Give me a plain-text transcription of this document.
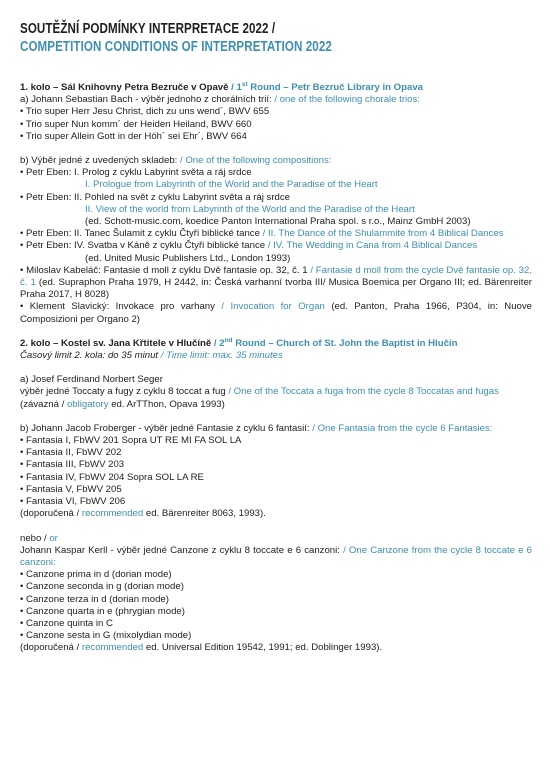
SOUTĚŽNÍ PODMÍNKY INTERPRETACE 2022 /
COMPETITION CONDITIONS OF INTERPRETATION 2022
1. kolo – Sál Knihovny Petra Bezruče v Opavě / 1st Round – Petr Bezruč Library in Opava
a) Johann Sebastian Bach - výběr jednoho z chorálních trií: / one of the following chorale trios:
• Trio super Herr Jesu Christ, dich zu uns wend´, BWV 655
• Trio super Nun komm´ der Heiden Heiland, BWV 660
• Trio super Allein Gott in der Höh´ sei Ehr´, BWV 664
b) Výběr jedné z uvedených skladeb: / One of the following compositions:
• Petr Eben: I. Prolog z cyklu Labyrint světa a ráj srdce
I. Prologue from Labyrinth of the World and the Paradise of the Heart
• Petr Eben: II. Pohled na svět z cyklu Labyrint světa a ráj srdce
II. View of the world from Labyrinth of the World and the Paradise of the Heart
(ed. Schott-music.com, koedice Panton International Praha spol. s r.o., Mainz GmbH 2003)
• Petr Eben: II. Tanec Šulamit z cyklu Čtyři biblické tance / II. The Dance of the Shulammite from 4 Biblical Dances
• Petr Eben: IV. Svatba v Káně z cyklu Čtyři biblické tance / IV. The Wedding in Cana from 4 Biblical Dances
(ed. United Music Publishers Ltd., London 1993)
• Miloslav Kabeláč: Fantasie d moll z cyklu Dvě fantasie op. 32, č. 1 / Fantasie d moll from the cycle Dvě fantasie op. 32, č. 1 (ed. Supraphon Praha 1979, H 2442, in: Česká varhanní tvorba III/ Musica Boemica per Organo III; ed. Bärenreiter Praha 2017, H 8028)
• Klement Slavický: Invokace pro varhany / Invocation for Organ (ed. Panton, Praha 1966, P304, in: Nuove Composizioni per Organo 2)
2. kolo – Kostel sv. Jana Křtitele v Hlučíně / 2nd Round – Church of St. John the Baptist in Hlučín
Časový limit 2. kola: do 35 minut / Time limit: max. 35 minutes
a) Josef Ferdinand Norbert Seger
výběr jedné Toccaty a fugy z cyklu 8 toccat a fug / One of the Toccata a fuga from the cycle 8 Toccatas and fugas
(závazná / obligatory ed. ArTThon, Opava 1993)
b) Johann Jacob Froberger - výběr jedné Fantasie z cyklu 6 fantasií: / One Fantasia from the cycle 6 Fantasies:
• Fantasia I, FbWV 201 Sopra UT RE MI FA SOL LA
• Fantasia II, FbWV 202
• Fantasia III, FbWV 203
• Fantasia IV, FbWV 204 Sopra SOL LA RE
• Fantasia V, FbWV 205
• Fantasia VI, FbWV 206
(doporučená / recommended ed. Bärenreiter 8063, 1993).
nebo / or
Johann Kaspar Kerll - výběr jedné Canzone z cyklu 8 toccate e 6 canzoni: / One Canzone from the cycle 8 toccate e 6 canzoni:
• Canzone prima in d (dorian mode)
• Canzone seconda in g (dorian mode)
• Canzone terza in d (dorian mode)
• Canzone quarta in e (phrygian mode)
• Canzone quinta in C
• Canzone sesta in G (mixolydian mode)
(doporučená / recommended ed. Universal Edition 19542, 1991; ed. Doblinger 1993).
